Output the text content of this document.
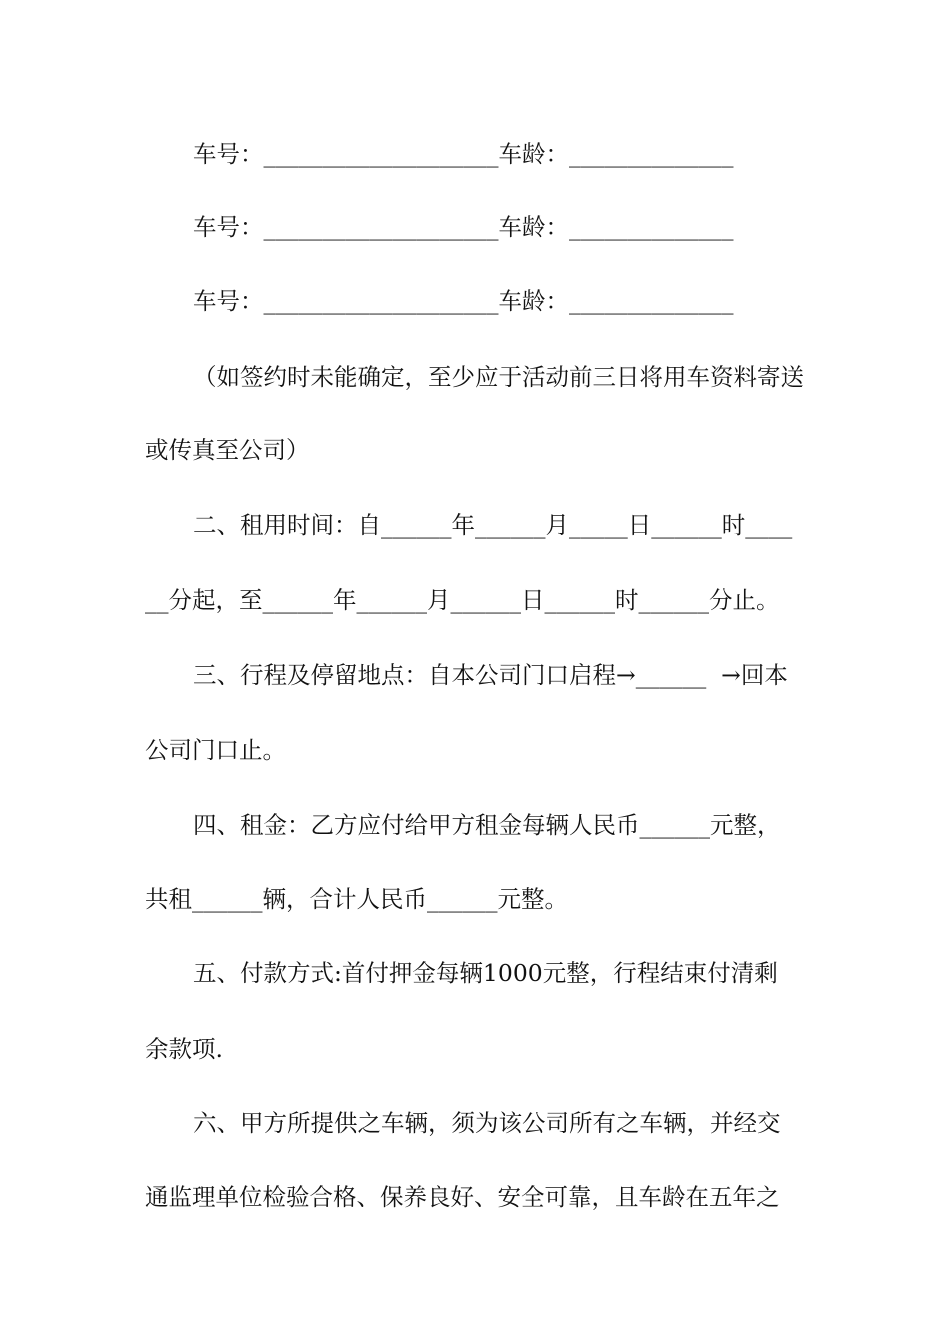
车号：____________________车龄：______________
车号：____________________车龄：______________
车号：____________________车龄：______________
（如签约时未能确定，至少应于活动前三日将用车资料寄送
或传真至公司）
二、租用时间：自______年______月_____日______时____
__分起，至______年______月______日______时______分止。
三、行程及停留地点：自本公司门口启程→______  →回本
公司门口止。
四、租金：乙方应付给甲方租金每辆人民币______元整，
共租______辆，合计人民币______元整。
五、付款方式:首付押金每辆1000元整，行程结束付清剩
余款项.
六、甲方所提供之车辆，须为该公司所有之车辆，并经交
通监理单位检验合格、保养良好、安全可靠，且车龄在五年之
